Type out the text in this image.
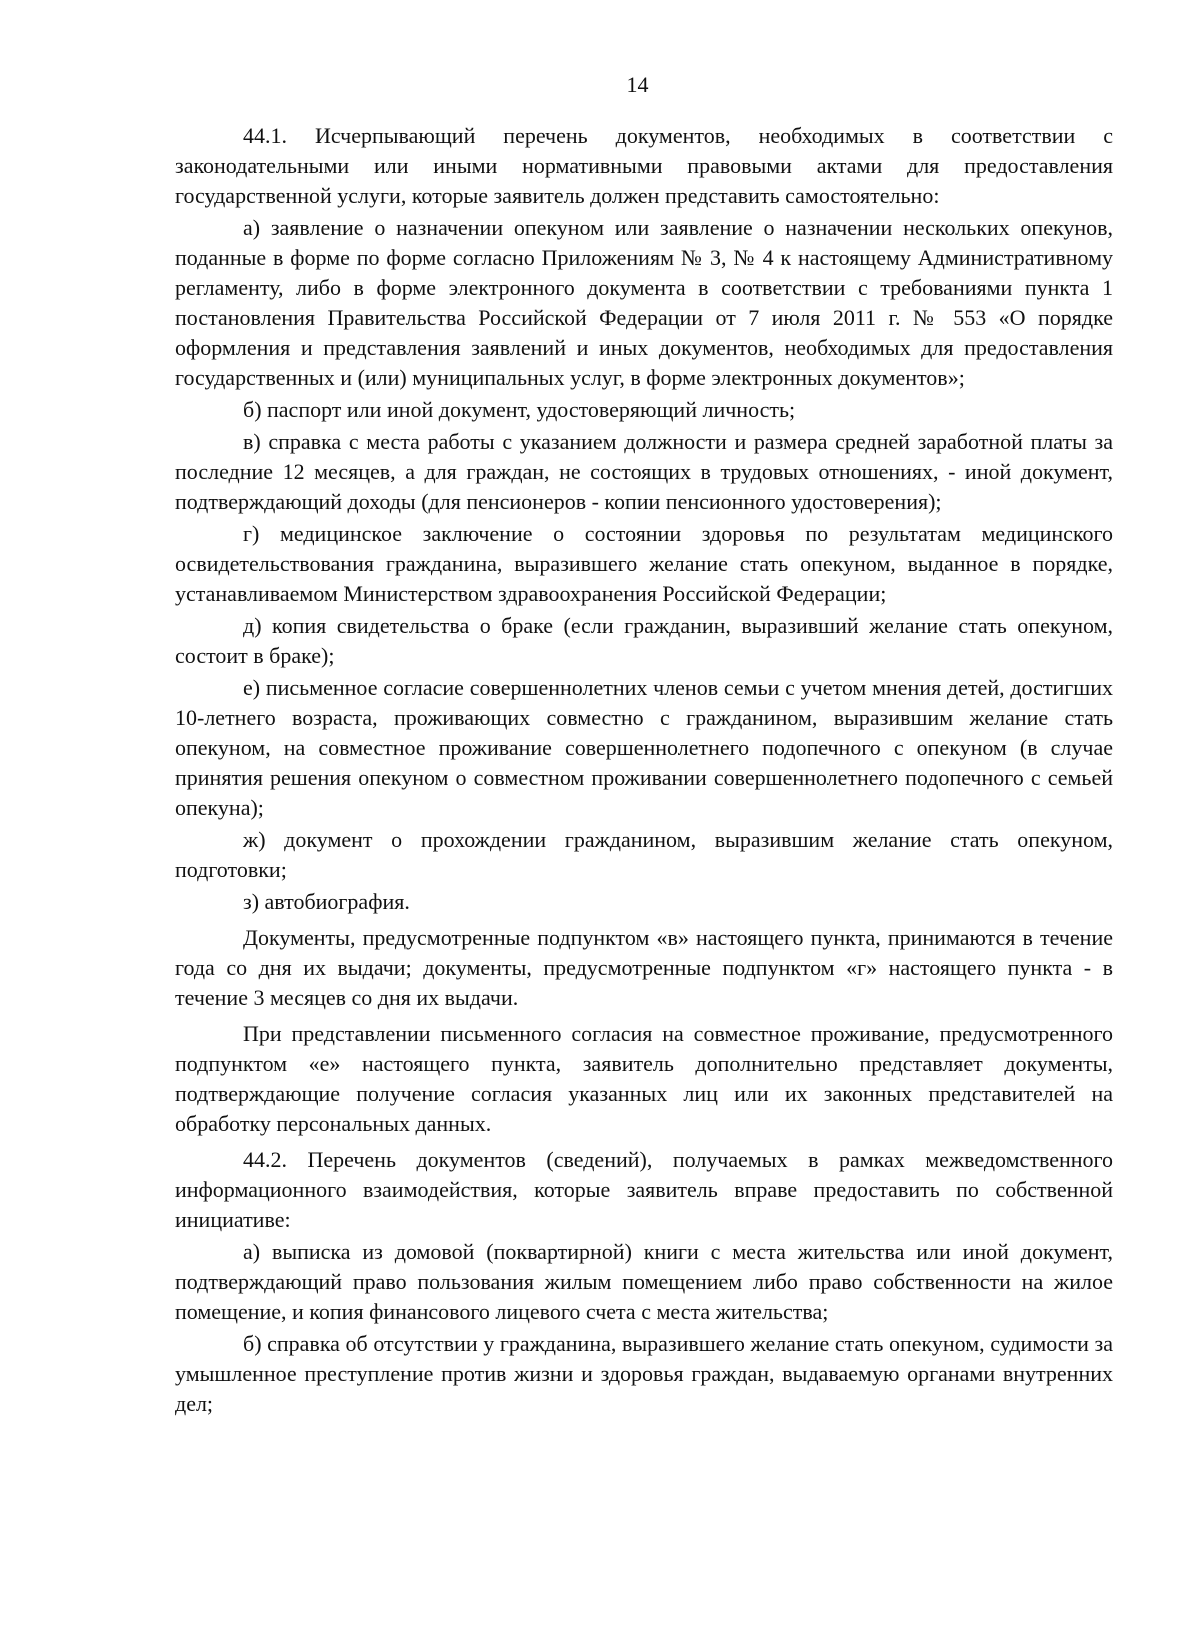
14

44.1. Исчерпывающий перечень документов, необходимых в соответствии с законодательными или иными нормативными правовыми актами для предоставления государственной услуги, которые заявитель должен представить самостоятельно:

а) заявление о назначении опекуном или заявление о назначении нескольких опекунов, поданные в форме по форме согласно Приложениям № 3, № 4 к настоящему Административному регламенту, либо в форме электронного документа в соответствии с требованиями пункта 1 постановления Правительства Российской Федерации от 7 июля 2011 г. № 553 «О порядке оформления и представления заявлений и иных документов, необходимых для предоставления государственных и (или) муниципальных услуг, в форме электронных документов»;

б) паспорт или иной документ, удостоверяющий личность;

в) справка с места работы с указанием должности и размера средней заработной платы за последние 12 месяцев, а для граждан, не состоящих в трудовых отношениях, - иной документ, подтверждающий доходы (для пенсионеров - копии пенсионного удостоверения);

г) медицинское заключение о состоянии здоровья по результатам медицинского освидетельствования гражданина, выразившего желание стать опекуном, выданное в порядке, устанавливаемом Министерством здравоохранения Российской Федерации;

д) копия свидетельства о браке (если гражданин, выразивший желание стать опекуном, состоит в браке);

е) письменное согласие совершеннолетних членов семьи с учетом мнения детей, достигших 10-летнего возраста, проживающих совместно с гражданином, выразившим желание стать опекуном, на совместное проживание совершеннолетнего подопечного с опекуном (в случае принятия решения опекуном о совместном проживании совершеннолетнего подопечного с семьей опекуна);

ж) документ о прохождении гражданином, выразившим желание стать опекуном, подготовки;

з) автобиография.

Документы, предусмотренные подпунктом «в» настоящего пункта, принимаются в течение года со дня их выдачи; документы, предусмотренные подпунктом «г» настоящего пункта - в течение 3 месяцев со дня их выдачи.

При представлении письменного согласия на совместное проживание, предусмотренного подпунктом «е» настоящего пункта, заявитель дополнительно представляет документы, подтверждающие получение согласия указанных лиц или их законных представителей на обработку персональных данных.

44.2. Перечень документов (сведений), получаемых в рамках межведомственного информационного взаимодействия, которые заявитель вправе предоставить по собственной инициативе:

а) выписка из домовой (поквартирной) книги с места жительства или иной документ, подтверждающий право пользования жилым помещением либо право собственности на жилое помещение, и копия финансового лицевого счета с места жительства;

б) справка об отсутствии у гражданина, выразившего желание стать опекуном, судимости за умышленное преступление против жизни и здоровья граждан, выдаваемую органами внутренних дел;
